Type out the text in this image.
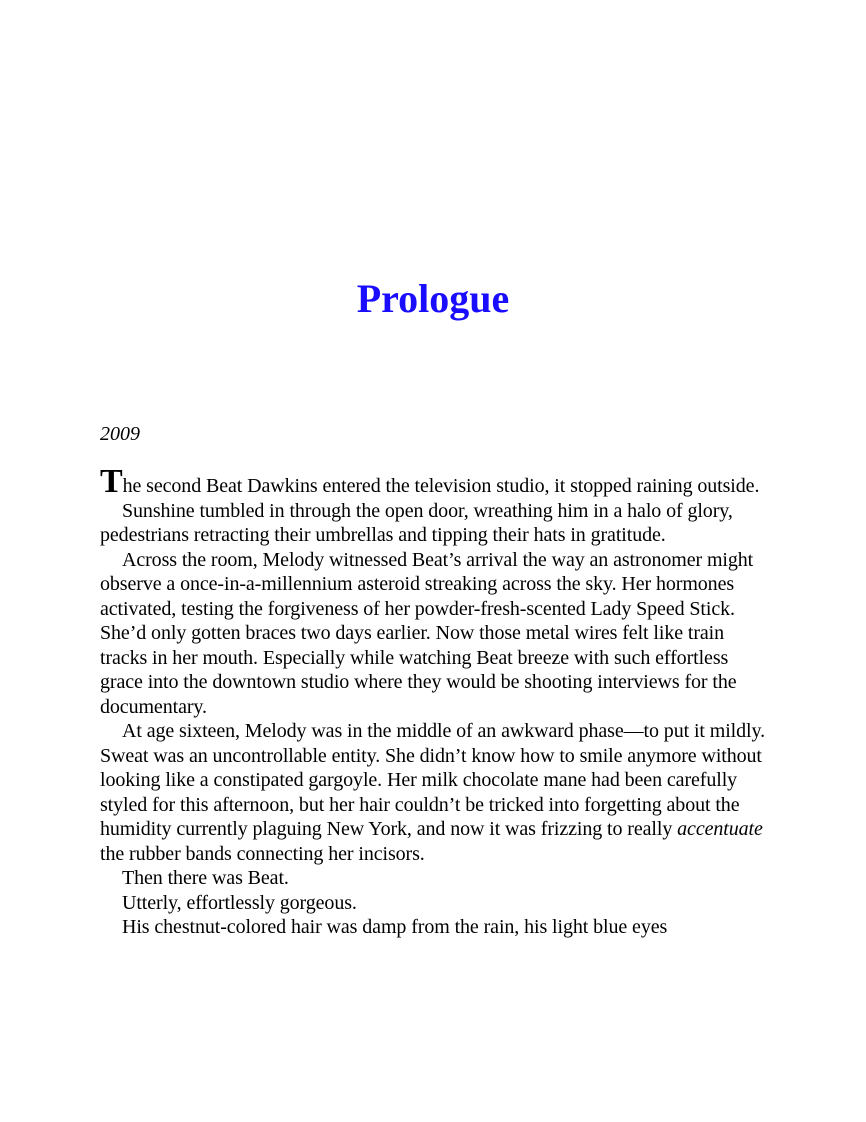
Prologue

2009

The second Beat Dawkins entered the television studio, it stopped raining outside.

Sunshine tumbled in through the open door, wreathing him in a halo of glory, pedestrians retracting their umbrellas and tipping their hats in gratitude.

Across the room, Melody witnessed Beat’s arrival the way an astronomer might observe a once-in-a-millennium asteroid streaking across the sky. Her hormones activated, testing the forgiveness of her powder-fresh-scented Lady Speed Stick. She’d only gotten braces two days earlier. Now those metal wires felt like train tracks in her mouth. Especially while watching Beat breeze with such effortless grace into the downtown studio where they would be shooting interviews for the documentary.

At age sixteen, Melody was in the middle of an awkward phase—to put it mildly. Sweat was an uncontrollable entity. She didn’t know how to smile anymore without looking like a constipated gargoyle. Her milk chocolate mane had been carefully styled for this afternoon, but her hair couldn’t be tricked into forgetting about the humidity currently plaguing New York, and now it was frizzing to really accentuate the rubber bands connecting her incisors.

Then there was Beat.

Utterly, effortlessly gorgeous.

His chestnut-colored hair was damp from the rain, his light blue eyes
